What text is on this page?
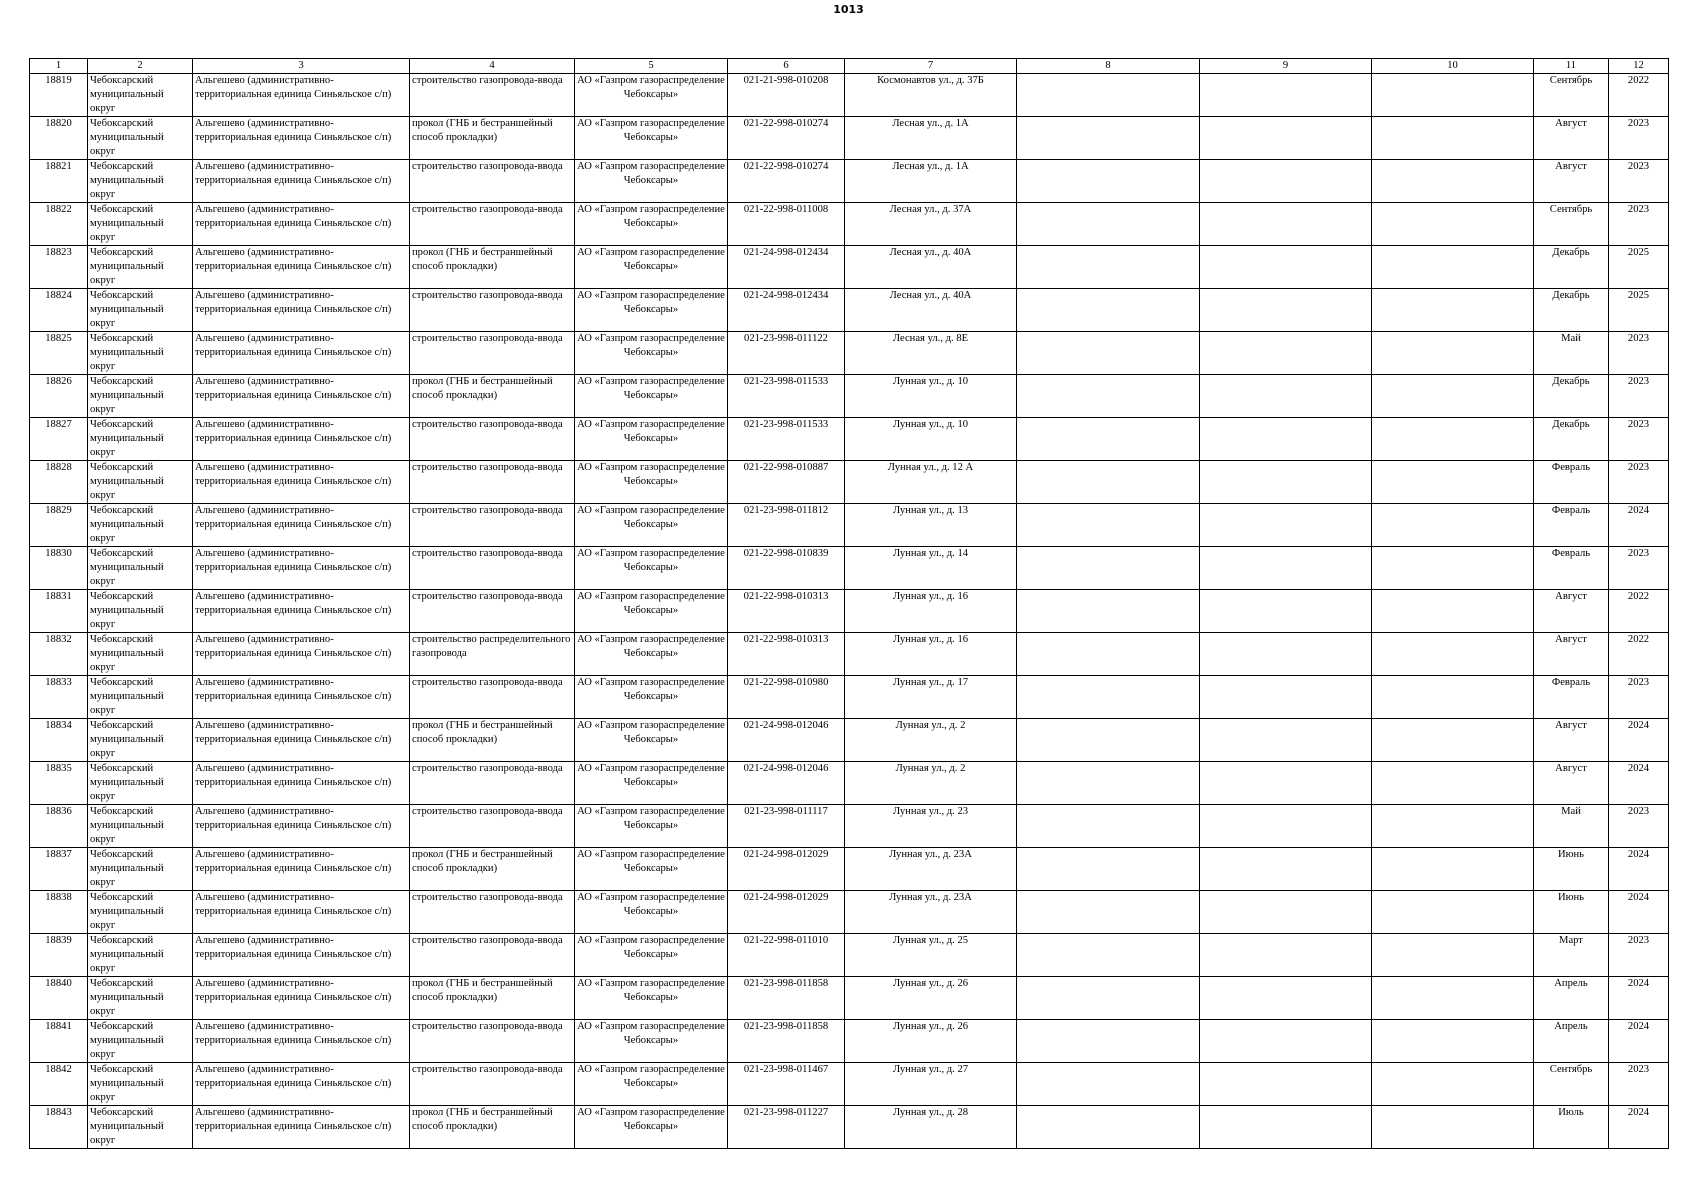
1013
1	2	3	4	5	6	7	8	9	10	11	12

18819	Чебоксарский муниципальный округ	Альгешево (административно-территориальная единица Синьяльское с/п)	строительство газопровода-ввода	АО «Газпром газораспределение Чебоксары»	021-21-998-010208	Космонавтов ул., д. 37Б				Сентябрь	2022

18820	Чебоксарский муниципальный округ	Альгешево (административно-территориальная единица Синьяльское с/п)	прокол (ГНБ и бестраншейный способ прокладки)	АО «Газпром газораспределение Чебоксары»	021-22-998-010274	Лесная ул., д. 1А				Август	2023

18821	Чебоксарский муниципальный округ	Альгешево (административно-территориальная единица Синьяльское с/п)	строительство газопровода-ввода	АО «Газпром газораспределение Чебоксары»	021-22-998-010274	Лесная ул., д. 1А				Август	2023

18822	Чебоксарский муниципальный округ	Альгешево (административно-территориальная единица Синьяльское с/п)	строительство газопровода-ввода	АО «Газпром газораспределение Чебоксары»	021-22-998-011008	Лесная ул., д. 37А				Сентябрь	2023

18823	Чебоксарский муниципальный округ	Альгешево (административно-территориальная единица Синьяльское с/п)	прокол (ГНБ и бестраншейный способ прокладки)	АО «Газпром газораспределение Чебоксары»	021-24-998-012434	Лесная ул., д. 40А				Декабрь	2025

18824	Чебоксарский муниципальный округ	Альгешево (административно-территориальная единица Синьяльское с/п)	строительство газопровода-ввода	АО «Газпром газораспределение Чебоксары»	021-24-998-012434	Лесная ул., д. 40А				Декабрь	2025

18825	Чебоксарский муниципальный округ	Альгешево (административно-территориальная единица Синьяльское с/п)	строительство газопровода-ввода	АО «Газпром газораспределение Чебоксары»	021-23-998-011122	Лесная ул., д. 8Е				Май	2023

18826	Чебоксарский муниципальный округ	Альгешево (административно-территориальная единица Синьяльское с/п)	прокол (ГНБ и бестраншейный способ прокладки)	АО «Газпром газораспределение Чебоксары»	021-23-998-011533	Лунная ул., д. 10				Декабрь	2023

18827	Чебоксарский муниципальный округ	Альгешево (административно-территориальная единица Синьяльское с/п)	строительство газопровода-ввода	АО «Газпром газораспределение Чебоксары»	021-23-998-011533	Лунная ул., д. 10				Декабрь	2023

18828	Чебоксарский муниципальный округ	Альгешево (административно-территориальная единица Синьяльское с/п)	строительство газопровода-ввода	АО «Газпром газораспределение Чебоксары»	021-22-998-010887	Лунная ул., д. 12 А				Февраль	2023

18829	Чебоксарский муниципальный округ	Альгешево (административно-территориальная единица Синьяльское с/п)	строительство газопровода-ввода	АО «Газпром газораспределение Чебоксары»	021-23-998-011812	Лунная ул., д. 13				Февраль	2024

18830	Чебоксарский муниципальный округ	Альгешево (административно-территориальная единица Синьяльское с/п)	строительство газопровода-ввода	АО «Газпром газораспределение Чебоксары»	021-22-998-010839	Лунная ул., д. 14				Февраль	2023

18831	Чебоксарский муниципальный округ	Альгешево (административно-территориальная единица Синьяльское с/п)	строительство газопровода-ввода	АО «Газпром газораспределение Чебоксары»	021-22-998-010313	Лунная ул., д. 16				Август	2022

18832	Чебоксарский муниципальный округ	Альгешево (административно-территориальная единица Синьяльское с/п)	строительство распределительного газопровода	АО «Газпром газораспределение Чебоксары»	021-22-998-010313	Лунная ул., д. 16				Август	2022

18833	Чебоксарский муниципальный округ	Альгешево (административно-территориальная единица Синьяльское с/п)	строительство газопровода-ввода	АО «Газпром газораспределение Чебоксары»	021-22-998-010980	Лунная ул., д. 17				Февраль	2023

18834	Чебоксарский муниципальный округ	Альгешево (административно-территориальная единица Синьяльское с/п)	прокол (ГНБ и бестраншейный способ прокладки)	АО «Газпром газораспределение Чебоксары»	021-24-998-012046	Лунная ул., д. 2				Август	2024

18835	Чебоксарский муниципальный округ	Альгешево (административно-территориальная единица Синьяльское с/п)	строительство газопровода-ввода	АО «Газпром газораспределение Чебоксары»	021-24-998-012046	Лунная ул., д. 2				Август	2024

18836	Чебоксарский муниципальный округ	Альгешево (административно-территориальная единица Синьяльское с/п)	строительство газопровода-ввода	АО «Газпром газораспределение Чебоксары»	021-23-998-011117	Лунная ул., д. 23				Май	2023

18837	Чебоксарский муниципальный округ	Альгешево (административно-территориальная единица Синьяльское с/п)	прокол (ГНБ и бестраншейный способ прокладки)	АО «Газпром газораспределение Чебоксары»	021-24-998-012029	Лунная ул., д. 23А				Июнь	2024

18838	Чебоксарский муниципальный округ	Альгешево (административно-территориальная единица Синьяльское с/п)	строительство газопровода-ввода	АО «Газпром газораспределение Чебоксары»	021-24-998-012029	Лунная ул., д. 23А				Июнь	2024

18839	Чебоксарский муниципальный округ	Альгешево (административно-территориальная единица Синьяльское с/п)	строительство газопровода-ввода	АО «Газпром газораспределение Чебоксары»	021-22-998-011010	Лунная ул., д. 25				Март	2023

18840	Чебоксарский муниципальный округ	Альгешево (административно-территориальная единица Синьяльское с/п)	прокол (ГНБ и бестраншейный способ прокладки)	АО «Газпром газораспределение Чебоксары»	021-23-998-011858	Лунная ул., д. 26				Апрель	2024

18841	Чебоксарский муниципальный округ	Альгешево (административно-территориальная единица Синьяльское с/п)	строительство газопровода-ввода	АО «Газпром газораспределение Чебоксары»	021-23-998-011858	Лунная ул., д. 26				Апрель	2024

18842	Чебоксарский муниципальный округ	Альгешево (административно-территориальная единица Синьяльское с/п)	строительство газопровода-ввода	АО «Газпром газораспределение Чебоксары»	021-23-998-011467	Лунная ул., д. 27				Сентябрь	2023

18843	Чебоксарский муниципальный округ	Альгешево (административно-территориальная единица Синьяльское с/п)	прокол (ГНБ и бестраншейный способ прокладки)	АО «Газпром газораспределение Чебоксары»	021-23-998-011227	Лунная ул., д. 28				Июль	2024
